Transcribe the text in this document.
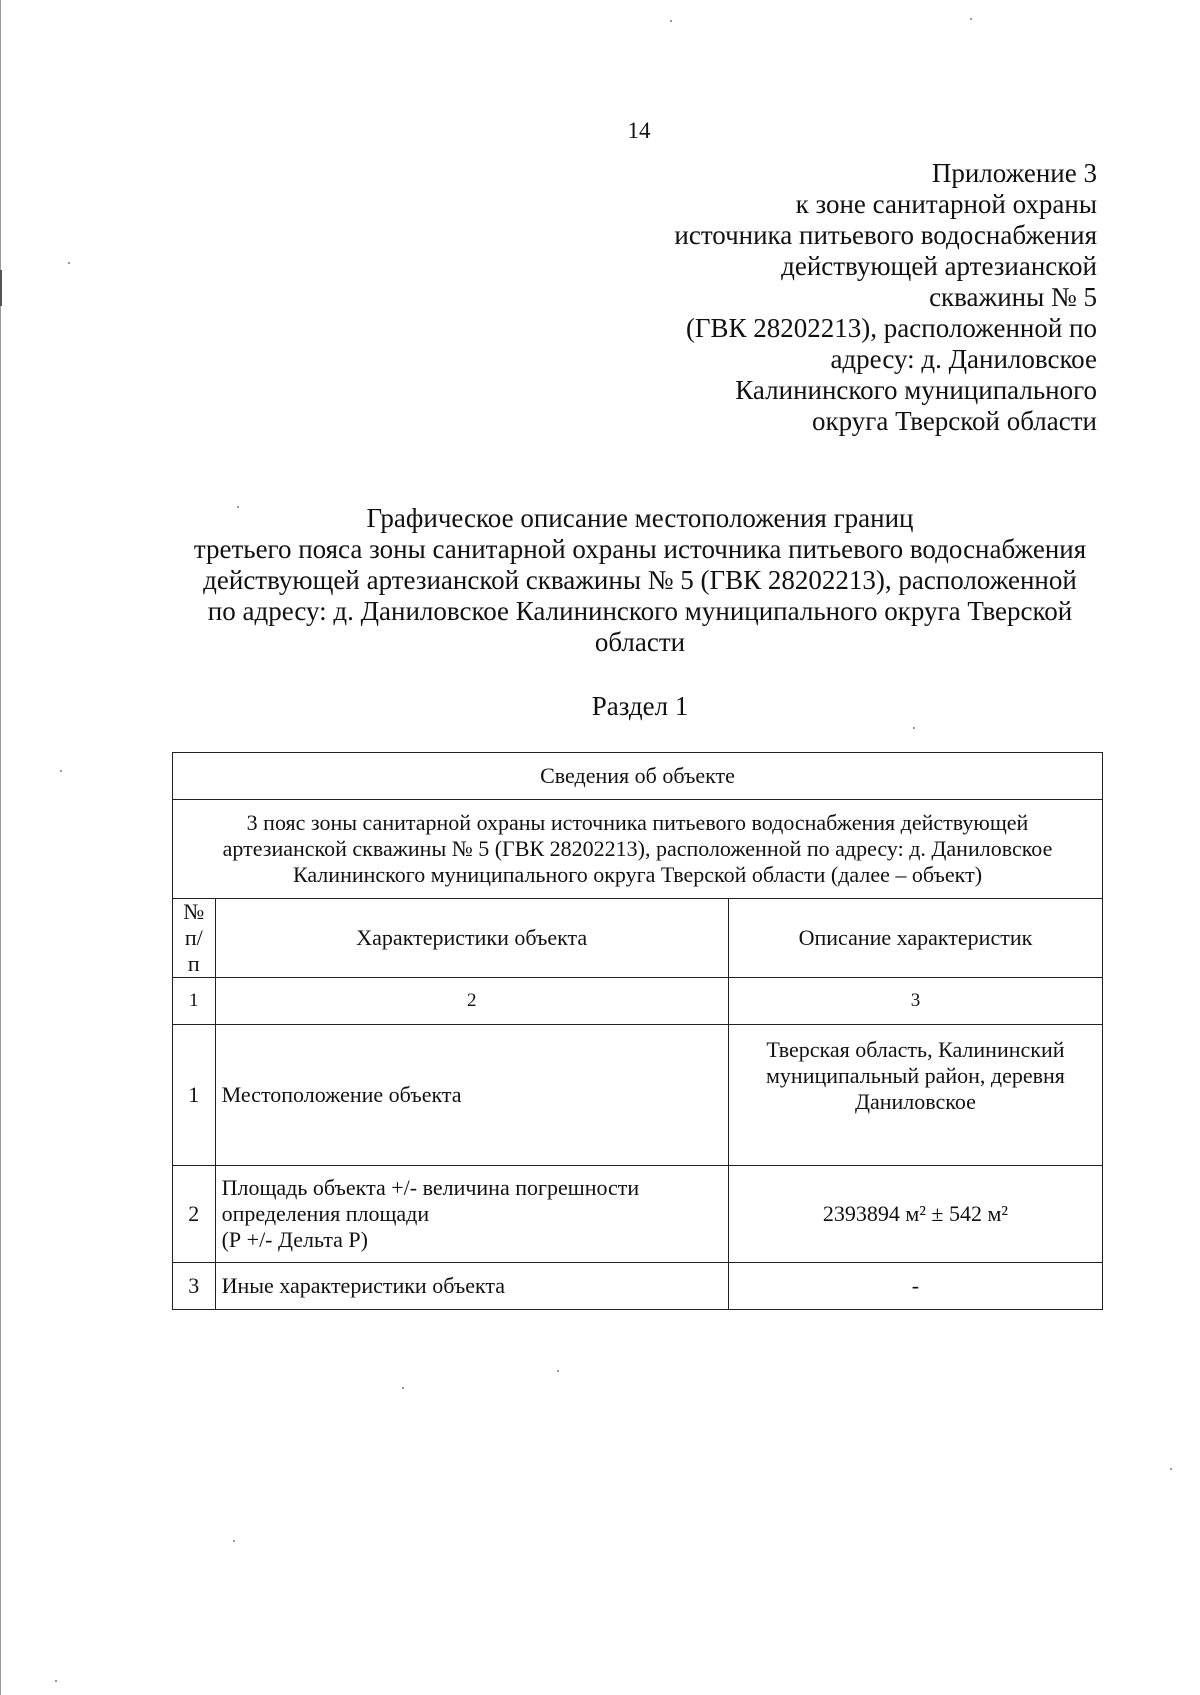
14
Приложение 3
к зоне санитарной охраны
источника питьевого водоснабжения
действующей артезианской
скважины № 5
(ГВК 28202213), расположенной по
адресу: д. Даниловское
Калининского муниципального
округа Тверской области
Графическое описание местоположения границ
третьего пояса зоны санитарной охраны источника питьевого водоснабжения
действующей артезианской скважины № 5 (ГВК 28202213), расположенной
по адресу: д. Даниловское Калининского муниципального округа Тверской
области
Раздел 1
Сведения об объекте		

3 пояс зоны санитарной охраны источника питьевого водоснабжения действующей
артезианской скважины № 5 (ГВК 28202213), расположенной по адресу: д. Даниловское
Калининского муниципального округа Тверской области (далее – объект)		

№
п/п	Характеристики объекта	Описание характеристик
1	2	3
1	Местоположение объекта	Тверская область, Калининский
муниципальный район, деревня
Даниловское

2	Площадь объекта +/- величина погрешности
определения площади
(Р +/- Дельта Р)	2393894 м² ± 542 м²

3	Иные характеристики объекта	-
